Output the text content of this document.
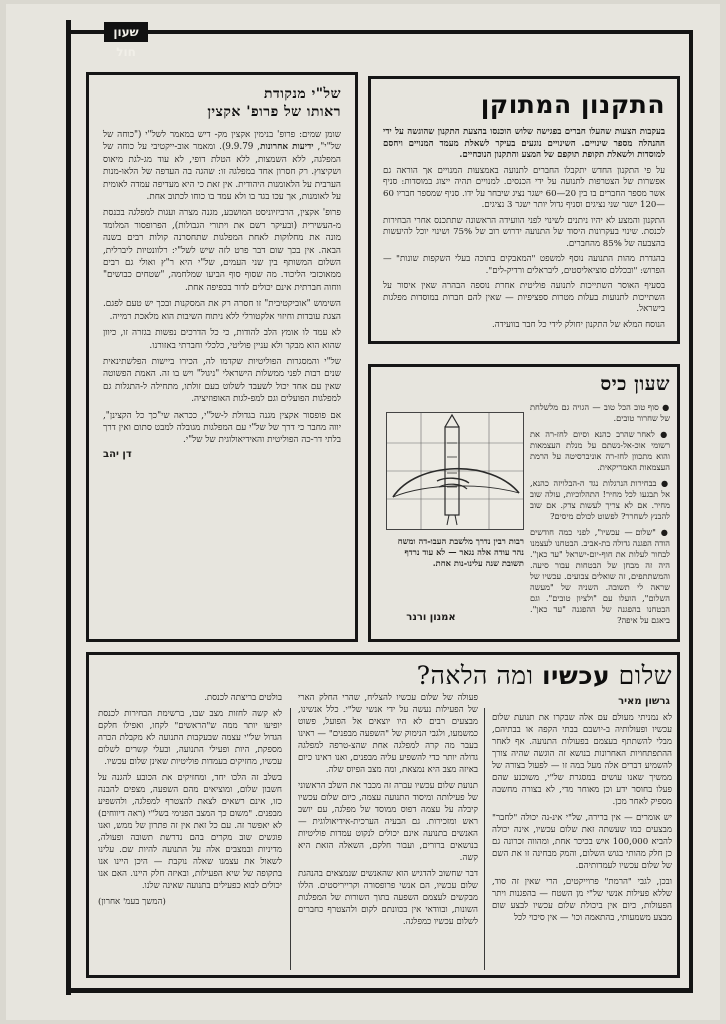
שעון חול
התקנון המתוקן
בעקבות הצעות שהעלו חברים בפגישה שלוש הוכנסו בהצעת התקנון שהוגשה על ידי ההנהלה מספר שינויים. השינויים נוגעים בעיקר לשאלת מעמד המנויים ויחסם למוסדות ולשאלת תקופת תוקפם של המצע והתקנון הנוכחיים.
על פי התקנון החדש יתקבלו החברים לתנועה באמצעות המנויים אך הוראה גם אפשרות של הצטרפות לתנועה על ידי הכנסים. למנויים תהיה ייצוג במוסדות: סניף אשר מספר החברים בו בין 20—60 ישגר נציג שיבחר על ידו. סניף שמספר חבריו 60—120 ישגר שני נציגים וסניף גדול יותר ישגר 3 נציגים.
התקנון והמצע לא יהיו ניתנים לשינוי לפני הוועידה הראשונה שתתכנס אחרי הבחירות לכנסת. שינוי בעקרונות היסוד של התנועה ידרוש רוב של 75% ושינוי יוכל להיעשות בהצבעה של 85% מהחברים.
בהגדרת מהות התנועה נוסף למשפט "המאבקים בתוכה בעלי השקפות שונות" — הפרוש: "ובכללם סוציאליסטים, ליבראלים ורדיק-לים".
בסעיף האוסר השתייכות לתנועה פוליטית אחרת נוספה הבהרה שאין איסור על השתייכות לתנועות בעלות מטרות ספציפיות — שאין להם חברות במוסדות מפלגות בישראל.
הנוסח המלא של התקנון יחולק לידי כל חבר בוועידה.
של"י מנקודת
ראותו של פרופ' אקצין
שומן שמים: פרופ' בנימין אקצין מק- דיש במאמר לשל"י ("כוחה של של"י", ידיעות אחרונות, 9.9.79). ומאמר אוב-ייקטיבי על כוחה של המפלגה, ללא השמצות, ללא הטלת דופי, לא עוד מג-לגת מיאוס ושקיצוץ. רק חסרון אחד במפלגה זו: שהגה בה העדפה של הלאו-מנות הערבית על הלאומנות היהודית. אין זאת כי היא מעדיפה עמדה לאומית על לאומנות, אך עכו בגד בו ולא עמד בו כוחו לכתוב אחת.
פרופ' אקצין, הרביזיוניסט המושבע, מגנה מצרה ועגות למפלגה בכנסת מ-העשירית (ובעיקר רשם את ויתורי הגבולות), הפרופסור המלומד מונה את מחלוקות לאחת המפלגות שתחסרנה קולות רבים בשנה הבאה. אין בכך שום דבר פרט לזה שיש לשל"י: רלוונטיות ליברלית, השלום המשותף בין שני העמים, של"י היא ר"ץ ואולי גם רבים ממאוכזבי הליכוד. מה שסוף סוף הביעו שמלחמה, "שטחים כבושים" ווחוה חברתית אינם יכולים לדור בכפיפה אחת.
השימוש "אוביקטיבית" זו חסרה רק את המסקנות ובכך יש טעם לפגם. הצגת עובדות וחיזוי אלקטורלי ללא ניתוח השיבות הוא מלאכת רמייה.
לא עמד לו אומץ הלב להודות, כי כל הדרכים נפשות בגזרה זו, כיוון שהוא הוא מבקר ולא עניין פוליטי, כלכלי וחברתי באזורנו.
של"י והמסגרות הפוליטיות שקדמו לה, הכירו ביישות הפלשתינאית שנים רבות לפני ממשלות הישראלי "ניגול" ויש בו זה. האמת הפשוטה שאין עם אחד יכול לשעבד לשלוט בעם זולתו, מתחילה ל-התגלות גם למפלגות הפועלים וגם למפ-לגות האופוזיציה.
אם פופסור אקצין מגנה בגדולת ל-של"י, ככראה שי"כך כל הקצינן", יווה מחבר כי דרך של של"י עם המפלגות מגובלה למבט סתום ואין דרך בלתי דר-כה הפוליטית והאידיאולוגית של של"י.
דן יהב
שעון כיס
● סוף טוב הכל טוב — הגויה גם מלשלחת של שחרור טובים.
● לאחר שהרב כהנא וסיום לחז-רה את רשומי אוכ-אל-נשתם על מנלת העצמאות והוא מתכוון לחז-רה אוניברסיטה על הרמת העצמאות האמריקאית.
● בבחירות הנרגלות נגד ה-הבלויזה כהנא, אל תבגעו לכל מחיר! התהלוכיות, עולה שוב מחיר. אם לא צריך לעשות צדק. אם שוב להבנץ לשחרר? לפשוט לכולם מיסים?
● "שלום — עכשיו", לפני כמה חודשים הודה הפגנה גדולה בת-אביב. הבטחנו לעצמנו לבחור לעלות את חוף-יום-ישראל "עד כאן". היה זה מבחן של הבטחות עבור סיעה. והמשתתפים, זה שואלים צבועים. עכשיו של שראה לי תשובה. השניה של "מעשה השלום", הועלו עם "ולציון טובים". וגם הבטחנו בהפגנה של ההפגנה "עד כאן". ביאגם על איפה?
רבות רבין נדרך מלשבת העבו-דה ומשח נהר עודה אלה נגאר — לא עוד נרדף תשובת שנה עלינו-נות אחת.
אמנון ורנר
שלום עכשיו ומה הלאה?
גרשון מאיר
לא נמניתי מעולם עם אלה שבקרו את תנועת שלום עכשיו ופעולותיה ב-יושבם בבתי הקפה או בבתיהם, מבלי להשתתף בעצמם בפעולות התנועה. אף לאחר ההתפתחויות האחרונות בנושא זה הוגשה שהיה צורך להשמיע דברים אלה מעל במה זו — לפעול בצורה של ממשיך שאנו עושים במסגרת של"י, משוכנע שהם פעלו בחוסר ידע וכן מאוחר מדי, לא בצורה מחשבה מספיק לאחר מכן.
יש אומרים — אין ברירה, של"י אינ-נה יכולה "לחבר" מבצעים כמו שעשתה זאת שלום עכשיו, אינה יכולה להביא 100,000 איש בכיכר אחת, ומהווה זכרונה גם כן חלק מהותי בגוש השלום, והמק מבחינה זו את השם של שלום עכשיו לעמדותיהם.
ובכן, לגבי "הרמת" פרוייקטים, הרי שאין זה סוד, שללא פעילות אנשי של"י מן השטח — בהפגנות ויתר הפעולות, כיום אין ביכולת שלום עכשיו לבצע שום מבצע משמעותי, בהתאמה וכו' — אין סיכוי לכל
פעולה של שלום עכשיו להצליח, שהרי החלק הארי של הפעילות נעשה על ידי אנשי של"י. כלל אנשינו, מבצעים רבים לא היו יוצאים אל הפועל, פשוט כמשמעו, ולגבי הנימוק של "השפעה מבפנים" — ראינו בעבר מה קרה למפלגה אחת שהצ-טרפה למפלגה גדולה יותר כדי להשפיע עליה מבפנים, ואנו ראינו כיום באיזה מצב היא נמצאת, ומה מצב הפיוס שלה.
תנועת שלום עכשיו עברה זה מכבר את השלב הראשוני של פעילותה ומיסוד התנועה עצמה, כיום שלום עכשיו קיבלה על עצמה דפוס ממוסד של מפלגה, עם יושב ראש ומזכירות. גם הבעיה הערכית-אידיאולוגית — האנשים בתנועה אינם יכולים לנקוט עמדות פוליטיות בנושאים ברורים, ועבור חלקם, השאלה הזאת היא קשה.
דבר שחשוב להדגיש הוא שהאנשים שנמצאים בהנהגת שלום עכשיו, הם אנשי פרופסורה וקרייריסטים. הללו מבקשים לעצמם השפעה בתוך השורות של המפלגות השונות, ובוודאי אין בכוונתם לקום ולהצטרף כחברים לשלום עכשיו כמפלגה.
בולטים בריצתה לכנסת.
לא קשה לחזות מצב שבו, ברשימת הבחירות לכנסת יופיעו יותר ממה ש"הראשים" לקחו, ואפילו חלקם הגדול של"י עצמה שבעקבות התנועה לא מקבלת הכרה מספקת, היות ופעילי התנועה, ובעלי קשרים לשלום עכשיו, מחזיקים בעמדות פוליטיות שאינן שלום עכשיו.
בשלב זה הלכו יחד, ומחזיקים את הכובע להגנה על חשבון שלום, ומוציאים מהם השפעה, מצפים להבנה כזו, אינם רשאים לצאת להצטרף למפלגה, ולהשפיע מבפנים. "משום כך המצב הפנימי בשל"י (ראה דיווחים) לא יאפשר זה. עם כל זאת אין זה פתרון של ממש, ואנו פוגשים שוב מקרים בהם נדרשת תשובה ופעולה, מדיניות ובמצבים אלה על התנועה להיות שם. עלינו לשאול את עצמנו שאלה נוקבת — היכן היינו אנו בתקופה של שיא הפעילות, ובאיזה חלק היינו. האם אנו יכולים לבוא כפעילים בתנועה שאינה שלנו.
(המשך בעמ' אחרון)
